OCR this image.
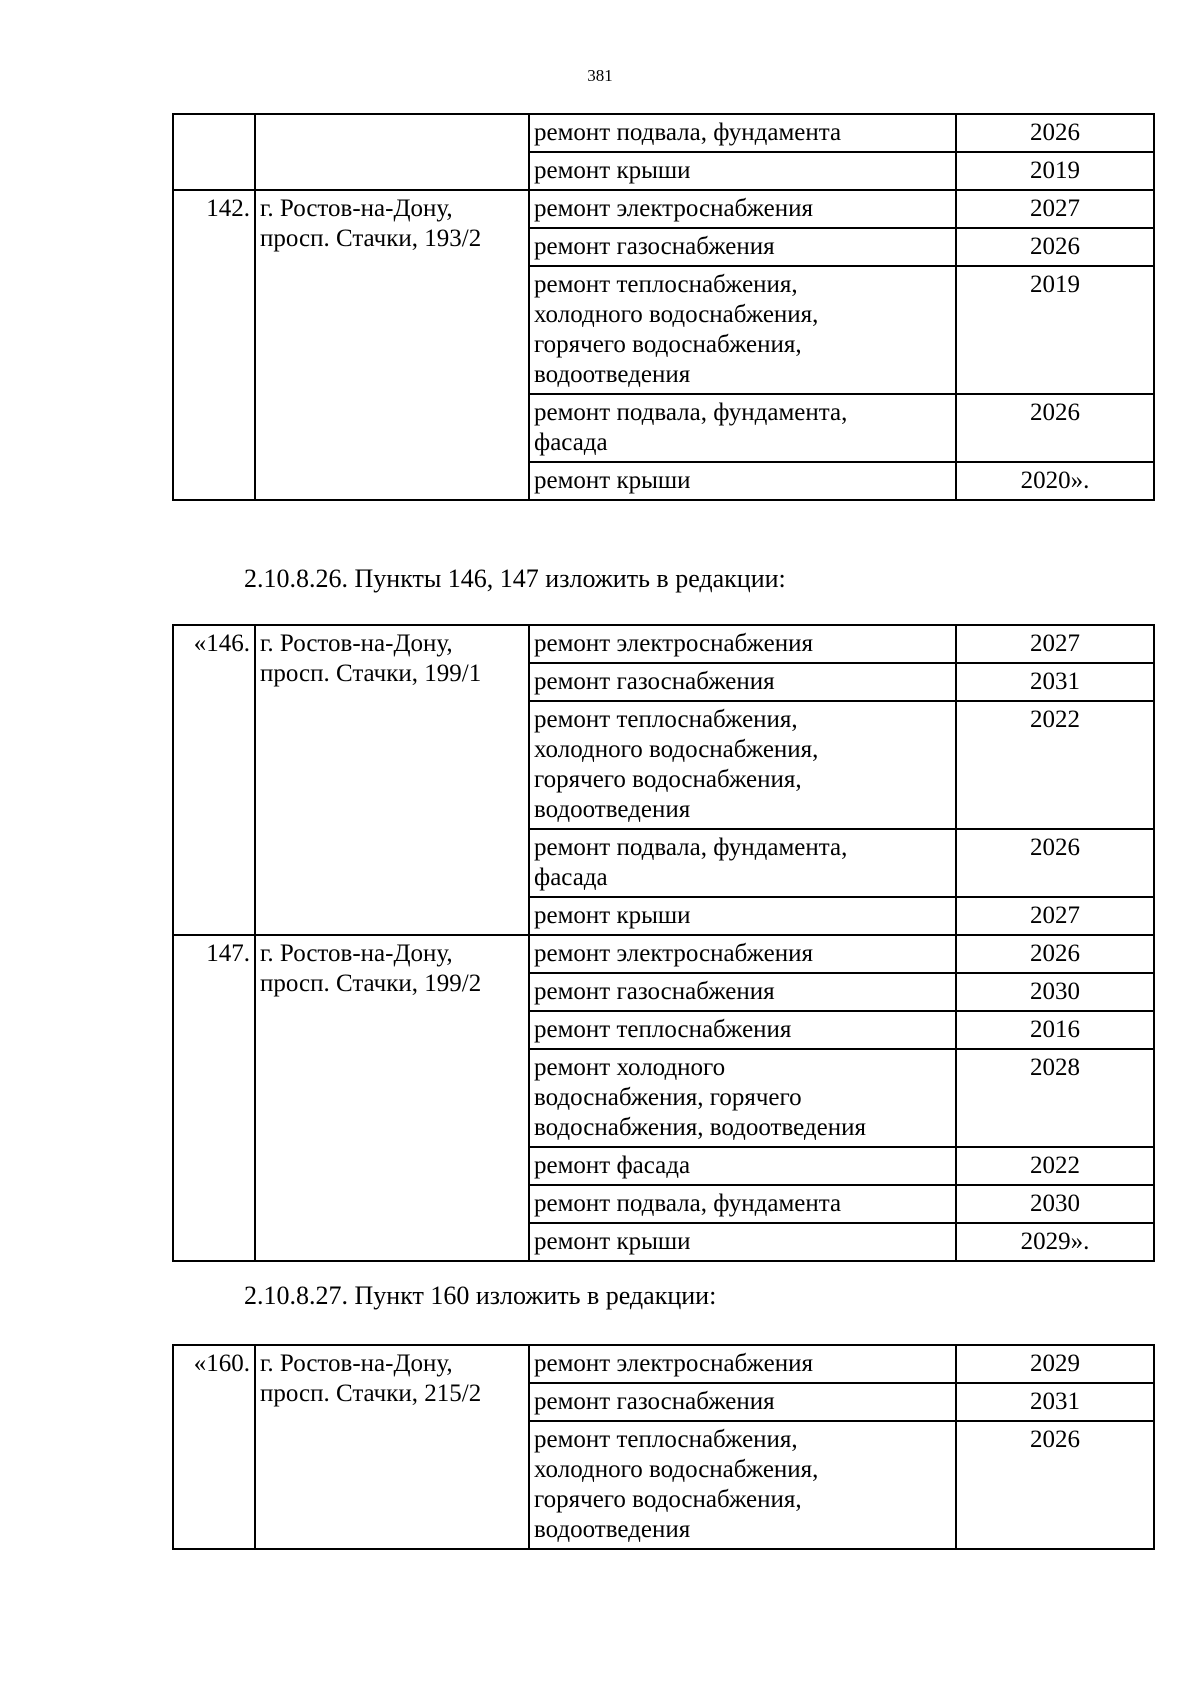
381
		ремонт подвала, фундамента	2026
		ремонт крыши	2019
142.	г. Ростов-на-Дону,
просп. Стачки, 193/2	ремонт электроснабжения	2027
		ремонт газоснабжения	2026
		ремонт теплоснабжения,
холодного водоснабжения,
горячего водоснабжения,
водоотведения	2019
		ремонт подвала, фундамента,
фасада	2026
		ремонт крыши	2020».
2.10.8.26. Пункты 146, 147 изложить в редакции:
«146.	г. Ростов-на-Дону,
просп. Стачки, 199/1	ремонт электроснабжения	2027
		ремонт газоснабжения	2031
		ремонт теплоснабжения,
холодного водоснабжения,
горячего водоснабжения,
водоотведения	2022
		ремонт подвала, фундамента,
фасада	2026
		ремонт крыши	2027
147.	г. Ростов-на-Дону,
просп. Стачки, 199/2	ремонт электроснабжения	2026
		ремонт газоснабжения	2030
		ремонт теплоснабжения	2016
		ремонт холодного
водоснабжения, горячего
водоснабжения, водоотведения	2028
		ремонт фасада	2022
		ремонт подвала, фундамента	2030
		ремонт крыши	2029».
2.10.8.27. Пункт 160 изложить в редакции:
«160.	г. Ростов-на-Дону,
просп. Стачки, 215/2	ремонт электроснабжения	2029
		ремонт газоснабжения	2031
		ремонт теплоснабжения,
холодного водоснабжения,
горячего водоснабжения,
водоотведения	2026
